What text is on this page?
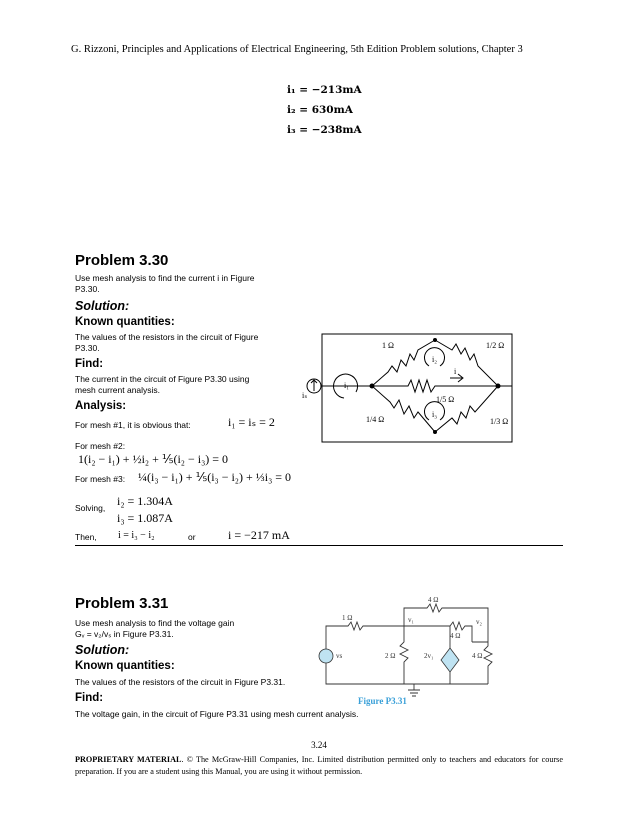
G. Rizzoni, Principles and Applications of Electrical Engineering, 5th Edition Problem solutions, Chapter 3
i₁ = −213mA
i₂ = 630mA
i₃ = −238mA
Problem 3.30
Use mesh analysis to find the current i in Figure
P3.30.
Solution:
Known quantities:
The values of the resistors in the circuit of Figure
P3.30.
Find:
The current in the circuit of Figure P3.30 using
mesh current analysis.
Analysis:
For mesh #1, it is obvious that:	i₁ = iₛ = 2
For mesh #2:
1(i₂ − i₁) + ½i₂ + ⅕(i₂ − i₃) = 0
For mesh #3: ¼(i₃ − i₁) + ⅕(i₃ − i₂) + ⅓i₃ = 0
i₂ = 1.304A
Solving,
i₃ = 1.087A
Then, i = i₃ − i₂	or	i = −217 mA
1 Ω	1/2 Ω
1/4 Ω	1/3 Ω
1/5 Ω
i₁
i₂
i₃
iₛ
i
Problem 3.31
Use mesh analysis to find the voltage gain
Gᵥ = v₂/vₛ in Figure P3.31.
Solution:
Known quantities:
The values of the resistors of the circuit in Figure P3.31.
Find:
The voltage gain, in the circuit of Figure P3.31 using mesh current analysis.
1 Ω
4 Ω
4 Ω
2 Ω	4 Ω
v₁	v₂
vs	2v₁
Figure P3.31
3.24
PROPRIETARY MATERIAL. © The McGraw-Hill Companies, Inc. Limited distribution permitted only to teachers and educators for course preparation. If you are a student using this Manual, you are using it without permission.
